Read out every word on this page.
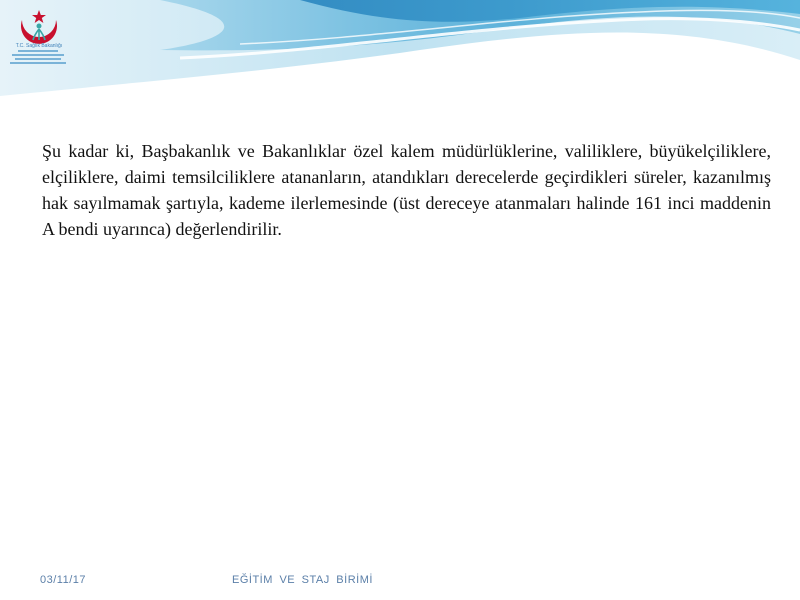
T.C. Sağlık Bakanlığı
Şu kadar ki, Başbakanlık ve Bakanlıklar özel kalem müdürlüklerine, valiliklere, büyükelçiliklere, elçiliklere, daimi temsilciliklere atananların, atandıkları derecelerde geçirdikleri süreler, kazanılmış hak sayılmamak şartıyla, kademe ilerlemesinde (üst dereceye atanmaları halinde 161 inci maddenin A bendi uyarınca) değerlendirilir.
03/11/17	EĞİTİM VE STAJ BİRİMİ
